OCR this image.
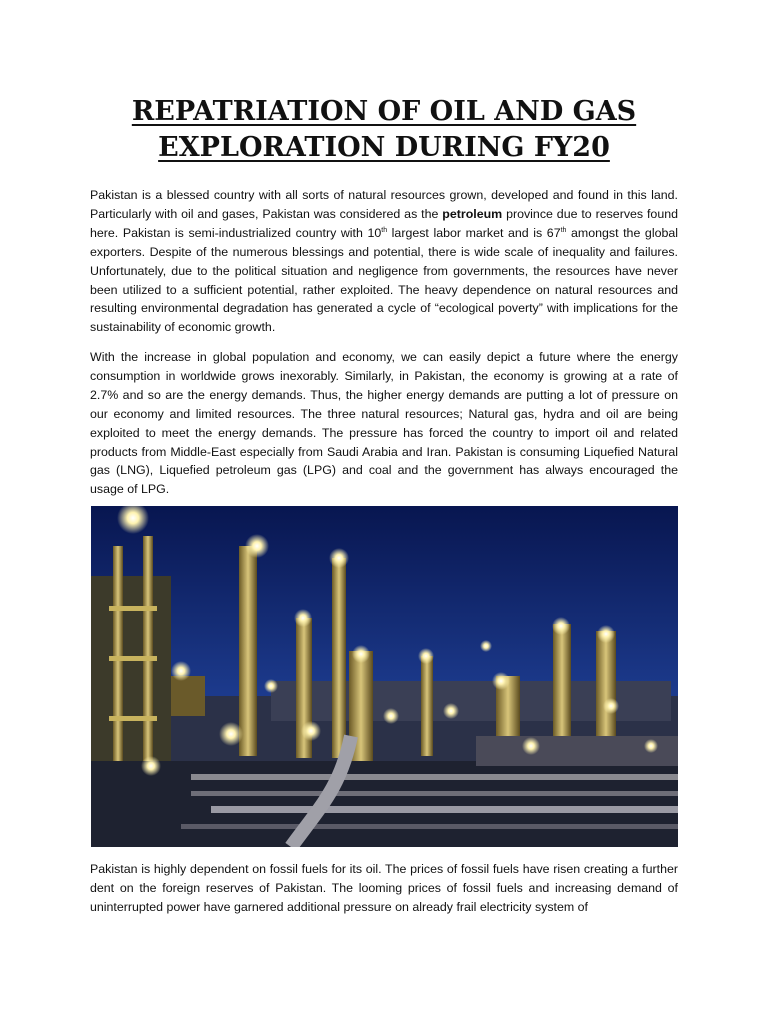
REPATRIATION OF OIL AND GAS
EXPLORATION DURING FY20

Pakistan is a blessed country with all sorts of natural resources grown, developed and found in this land. Particularly with oil and gases, Pakistan was considered as the petroleum province due to reserves found here. Pakistan is semi-industrialized country with 10th largest labor market and is 67th amongst the global exporters. Despite of the numerous blessings and potential, there is wide scale of inequality and failures. Unfortunately, due to the political situation and negligence from governments, the resources have never been utilized to a sufficient potential, rather exploited. The heavy dependence on natural resources and resulting environmental degradation has generated a cycle of “ecological poverty” with implications for the sustainability of economic growth.

With the increase in global population and economy, we can easily depict a future where the energy consumption in worldwide grows inexorably. Similarly, in Pakistan, the economy is growing at a rate of 2.7% and so are the energy demands. Thus, the higher energy demands are putting a lot of pressure on our economy and limited resources. The three natural resources; Natural gas, hydra and oil are being exploited to meet the energy demands. The pressure has forced the country to import oil and related products from Middle-East especially from Saudi Arabia and Iran. Pakistan is consuming Liquefied Natural gas (LNG), Liquefied petroleum gas (LPG) and coal and the government has always encouraged the usage of LPG.

Pakistan is highly dependent on fossil fuels for its oil. The prices of fossil fuels have risen creating a further dent on the foreign reserves of Pakistan. The looming prices of fossil fuels and increasing demand of uninterrupted power have garnered additional pressure on already frail electricity system of
